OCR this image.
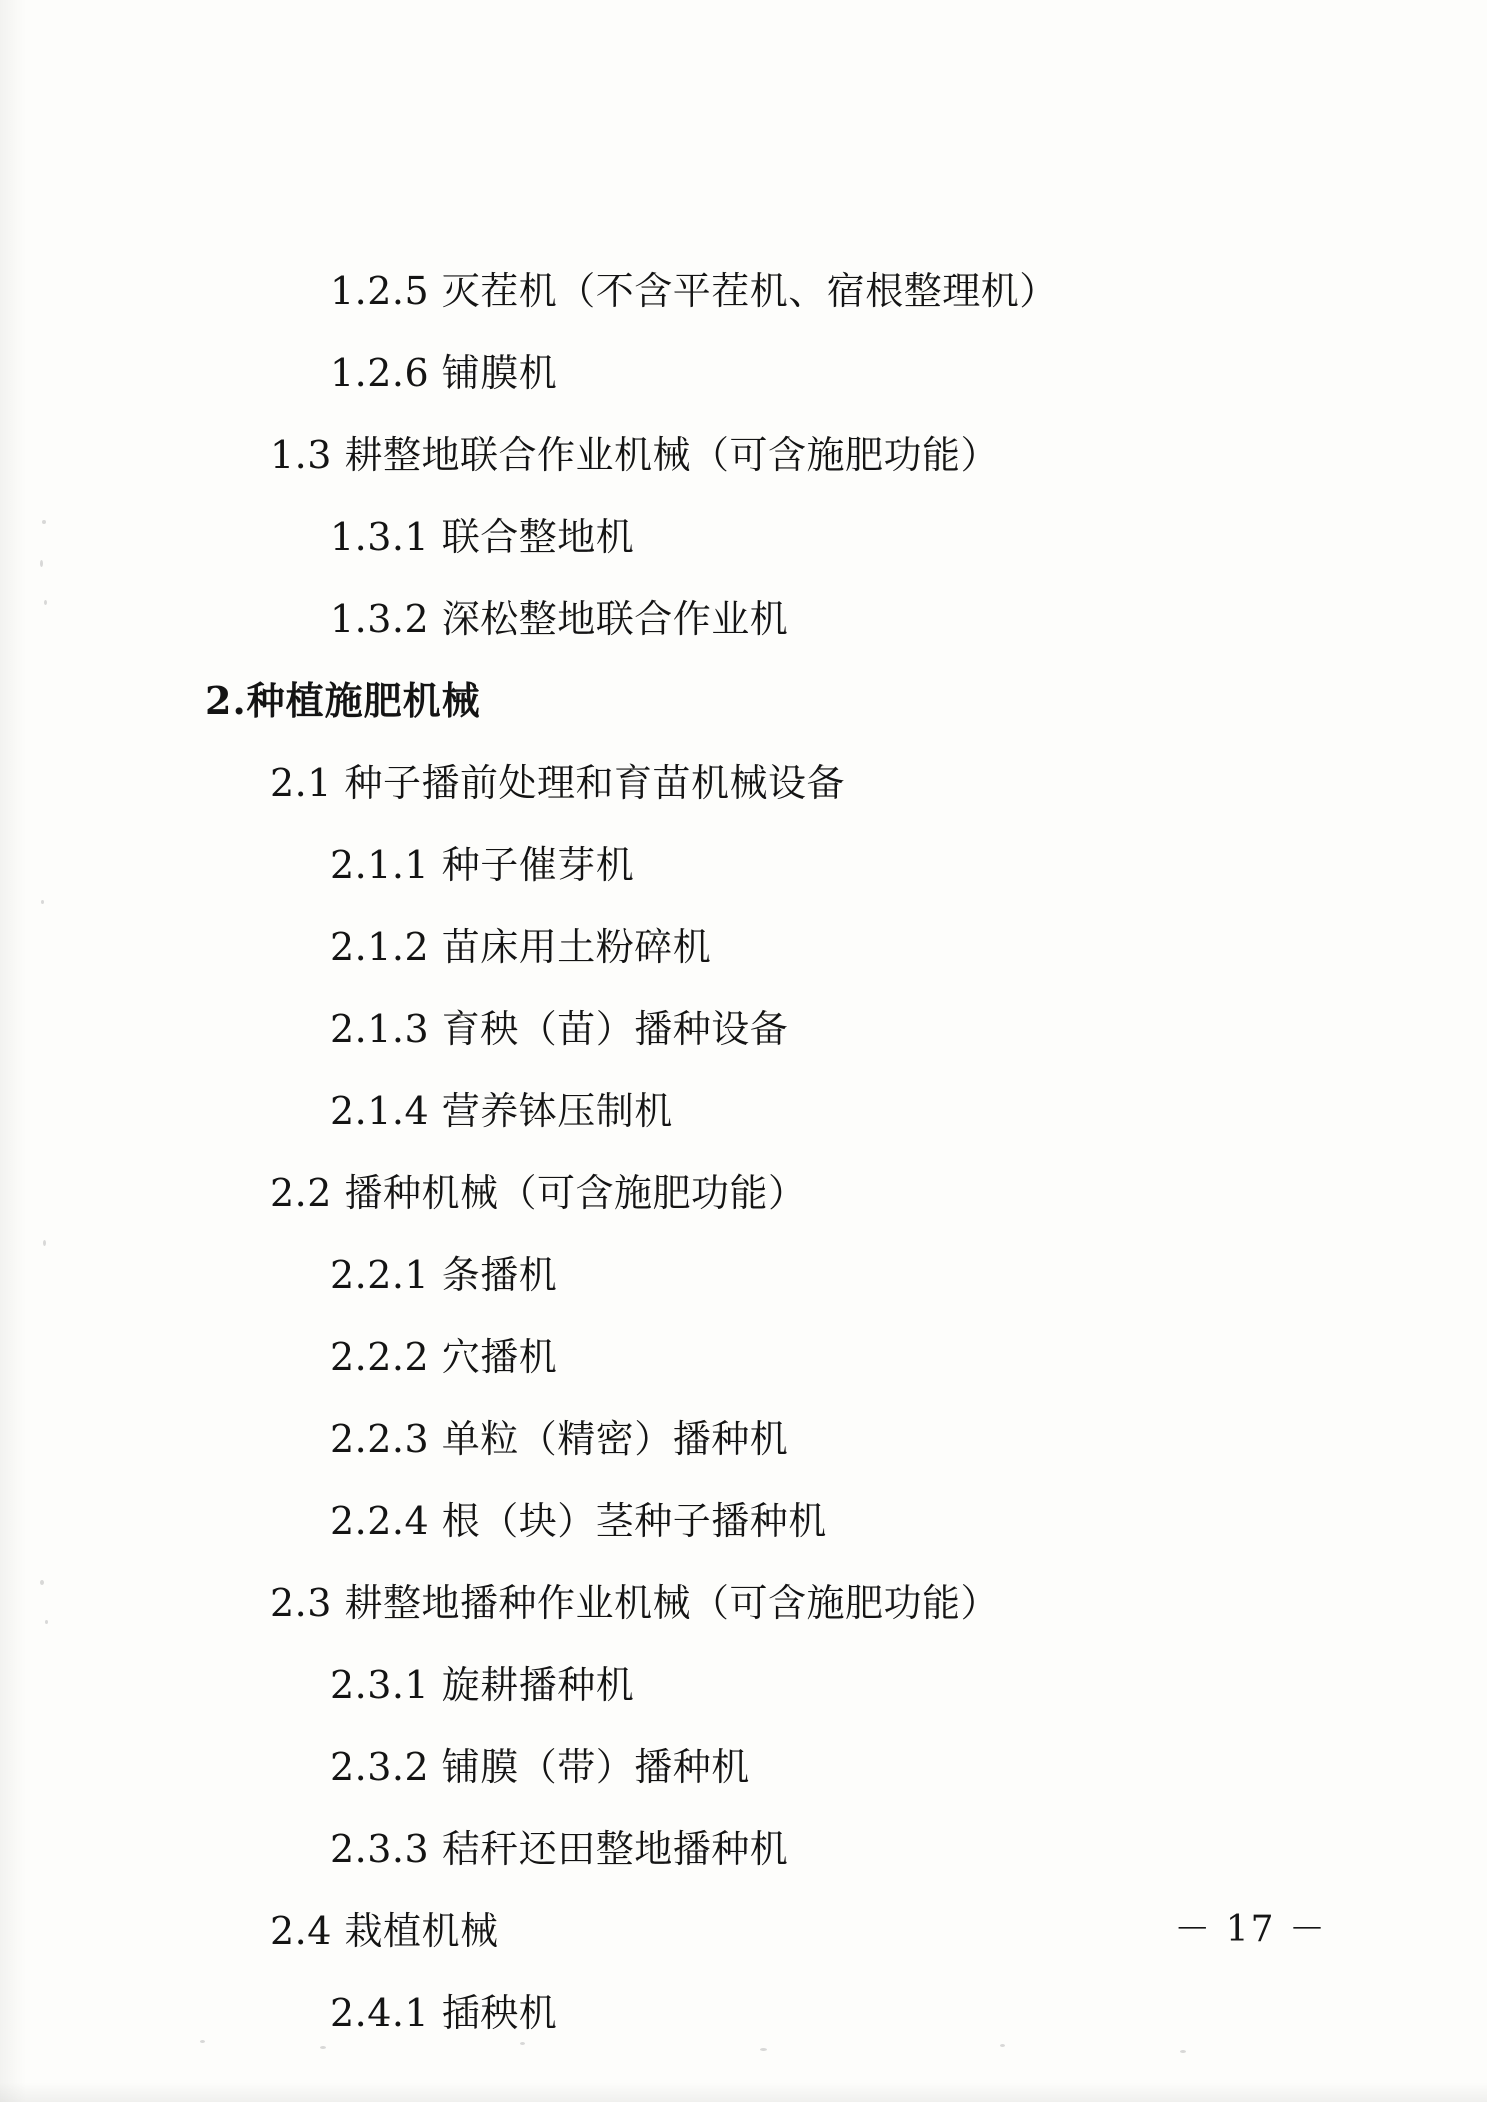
1.2.5 灭茬机（不含平茬机、宿根整理机）
1.2.6 铺膜机
1.3 耕整地联合作业机械（可含施肥功能）
1.3.1 联合整地机
1.3.2 深松整地联合作业机
2.种植施肥机械
2.1 种子播前处理和育苗机械设备
2.1.1 种子催芽机
2.1.2 苗床用土粉碎机
2.1.3 育秧（苗）播种设备
2.1.4 营养钵压制机
2.2 播种机械（可含施肥功能）
2.2.1 条播机
2.2.2 穴播机
2.2.3 单粒（精密）播种机
2.2.4 根（块）茎种子播种机
2.3 耕整地播种作业机械（可含施肥功能）
2.3.1 旋耕播种机
2.3.2 铺膜（带）播种机
2.3.3 秸秆还田整地播种机
2.4 栽植机械
2.4.1 插秧机
－ 17 －
